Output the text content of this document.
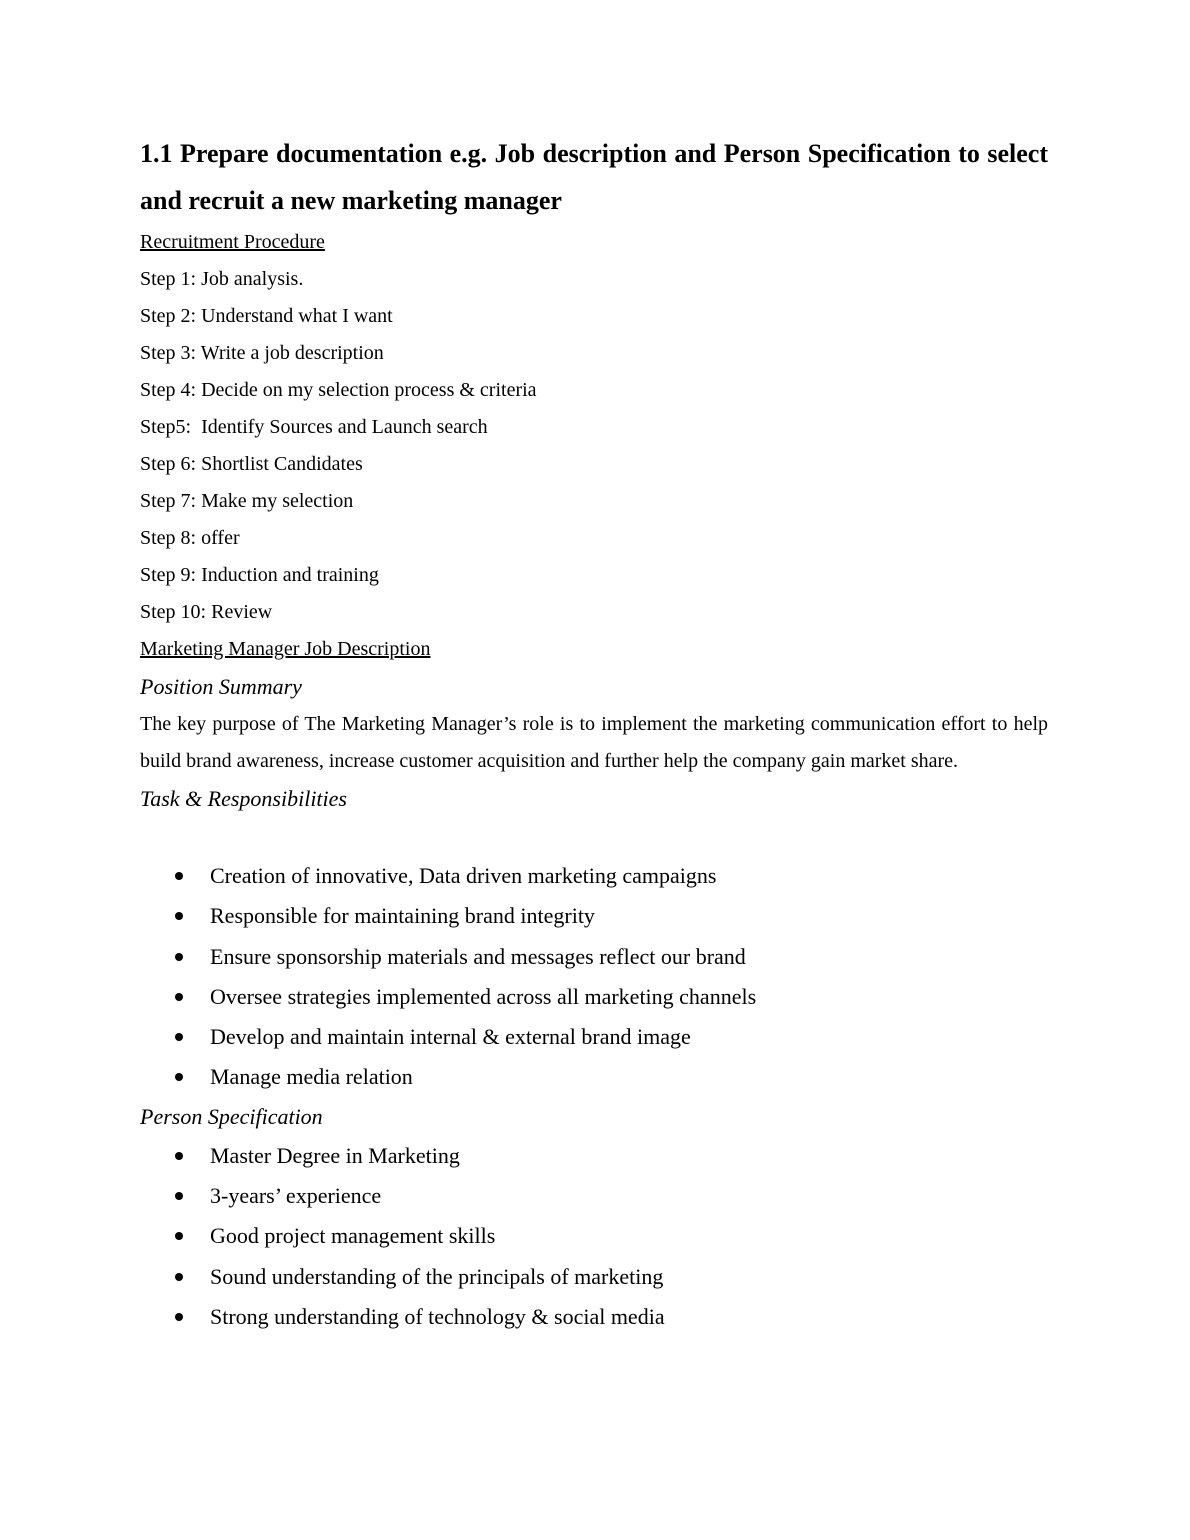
1.1 Prepare documentation e.g. Job description and Person Specification to select and recruit a new marketing manager

Recruitment Procedure

Step 1: Job analysis.

Step 2: Understand what I want

Step 3: Write a job description

Step 4: Decide on my selection process & criteria

Step5:  Identify Sources and Launch search

Step 6: Shortlist Candidates

Step 7: Make my selection

Step 8: offer

Step 9: Induction and training

Step 10: Review

Marketing Manager Job Description

Position Summary

The key purpose of The Marketing Manager’s role is to implement the marketing communication effort to help build brand awareness, increase customer acquisition and further help the company gain market share.

Task & Responsibilities

Creation of innovative, Data driven marketing campaigns
Responsible for maintaining brand integrity
Ensure sponsorship materials and messages reflect our brand
Oversee strategies implemented across all marketing channels
Develop and maintain internal & external brand image
Manage media relation

Person Specification

Master Degree in Marketing
3-years’ experience
Good project management skills
Sound understanding of the principals of marketing
Strong understanding of technology & social media
